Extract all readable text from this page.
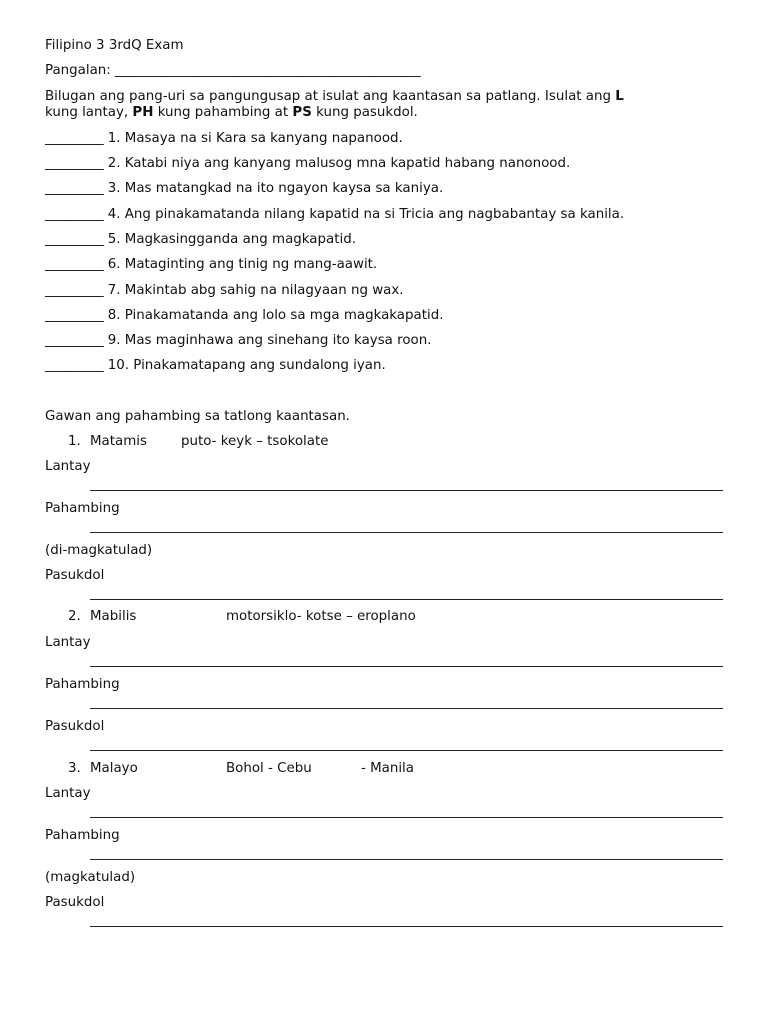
Filipino 3 3rdQ Exam
Pangalan: _______________________________________________
Bilugan ang pang-uri sa pangungusap at isulat ang kaantasan sa patlang. Isulat ang L
kung lantay, PH kung pahambing at PS kung pasukdol.
_________ 1. Masaya na si Kara sa kanyang napanood.
_________ 2. Katabi niya ang kanyang malusog mna kapatid habang nanonood.
_________ 3. Mas matangkad na ito ngayon kaysa sa kaniya.
_________ 4. Ang pinakamatanda nilang kapatid na si Tricia ang nagbabantay sa kanila.
_________ 5. Magkasingganda ang magkapatid.
_________ 6. Mataginting ang tinig ng mang-aawit.
_________ 7. Makintab abg sahig na nilagyaan ng wax.
_________ 8. Pinakamatanda ang lolo sa mga magkakapatid.
_________ 9. Mas maginhawa ang sinehang ito kaysa roon.
_________ 10. Pinakamatapang ang sundalong iyan.
Gawan ang pahambing sa tatlong kaantasan.
1. Matamis	puto- keyk – tsokolate
Lantay
Pahambing
(di-magkatulad)
Pasukdol
2. Mabilis	motorsiklo- kotse – eroplano
Lantay
Pahambing
Pasukdol
3. Malayo	Bohol - Cebu	- Manila
Lantay
Pahambing
(magkatulad)
Pasukdol
